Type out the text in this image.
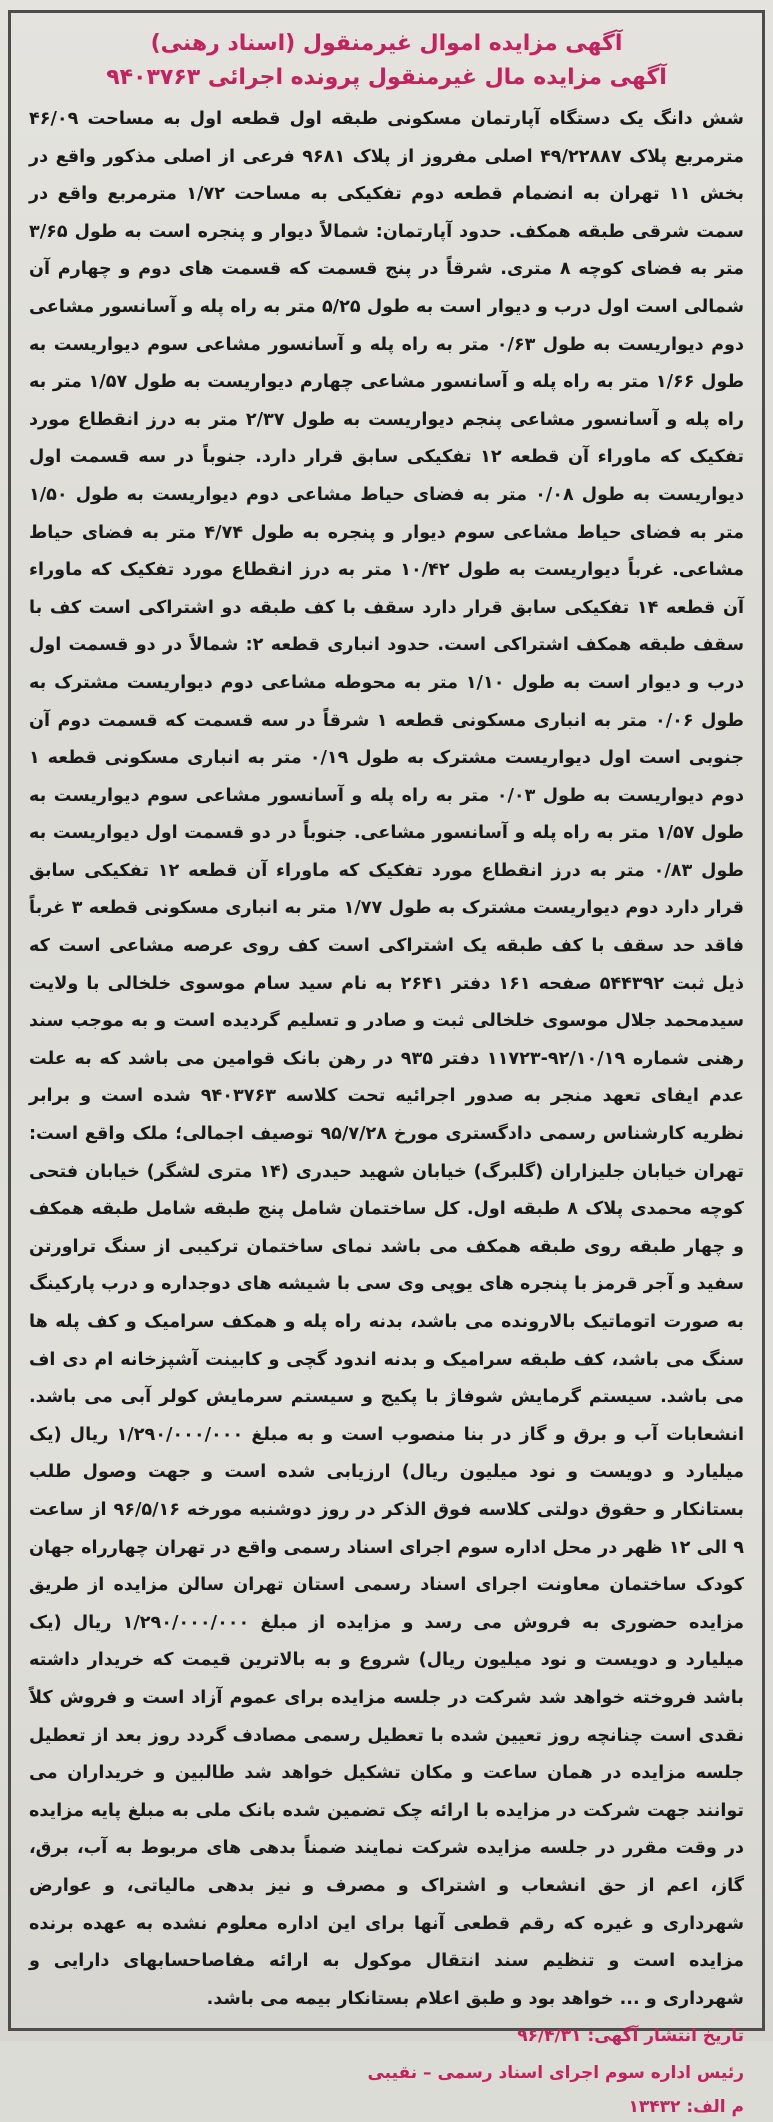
آگهی مزایده اموال غیرمنقول (اسناد رهنی)

آگهی مزایده مال غیرمنقول پرونده اجرائی ۹۴۰۳۷۶۳

شش دانگ یک دستگاه آپارتمان مسکونی طبقه اول قطعه اول به مساحت ۴۶/۰۹ مترمربع پلاک ۴۹/۲۲۸۸۷ اصلی مفروز از پلاک ۹۶۸۱ فرعی از اصلی مذکور واقع در بخش ۱۱ تهران به انضمام قطعه دوم تفکیکی به مساحت ۱/۷۲ مترمربع واقع در سمت شرقی طبقه همکف. حدود آپارتمان: شمالاً دیوار و پنجره است به طول ۳/۶۵ متر به فضای کوچه ۸ متری. شرقاً در پنج قسمت که قسمت های دوم و چهارم آن شمالی است اول درب و دیوار است به طول ۵/۲۵ متر به راه پله و آسانسور مشاعی دوم دیواریست به طول ۰/۶۳ متر به راه پله و آسانسور مشاعی سوم دیواریست به طول ۱/۶۶ متر به راه پله و آسانسور مشاعی چهارم دیواریست به طول ۱/۵۷ متر به راه پله و آسانسور مشاعی پنجم دیواریست به طول ۲/۳۷ متر به درز انقطاع مورد تفکیک که ماوراء آن قطعه ۱۲ تفکیکی سابق قرار دارد. جنوباً در سه قسمت اول دیواریست به طول ۰/۰۸ متر به فضای حیاط مشاعی دوم دیواریست به طول ۱/۵۰ متر به فضای حیاط مشاعی سوم دیوار و پنجره به طول ۴/۷۴ متر به فضای حیاط مشاعی. غرباً دیواریست به طول ۱۰/۴۲ متر به درز انقطاع مورد تفکیک که ماوراء آن قطعه ۱۴ تفکیکی سابق قرار دارد سقف با کف طبقه دو اشتراکی است کف با سقف طبقه همکف اشتراکی است. حدود انباری قطعه ۲: شمالاً در دو قسمت اول درب و دیوار است به طول ۱/۱۰ متر به محوطه مشاعی دوم دیواریست مشترک به طول ۰/۰۶ متر به انباری مسکونی قطعه ۱ شرقاً در سه قسمت که قسمت دوم آن جنوبی است اول دیواریست مشترک به طول ۰/۱۹ متر به انباری مسکونی قطعه ۱ دوم دیواریست به طول ۰/۰۳ متر به راه پله و آسانسور مشاعی سوم دیواریست به طول ۱/۵۷ متر به راه پله و آسانسور مشاعی. جنوباً در دو قسمت اول دیواریست به طول ۰/۸۳ متر به درز انقطاع مورد تفکیک که ماوراء آن قطعه ۱۲ تفکیکی سابق قرار دارد دوم دیواریست مشترک به طول ۱/۷۷ متر به انباری مسکونی قطعه ۳ غرباً فاقد حد سقف با کف طبقه یک اشتراکی است کف روی عرصه مشاعی است که ذیل ثبت ۵۴۴۳۹۲ صفحه ۱۶۱ دفتر ۲۶۴۱ به نام سید سام موسوی خلخالی با ولایت سیدمحمد جلال موسوی خلخالی ثبت و صادر و تسلیم گردیده است و به موجب سند رهنی شماره ۹۲/۱۰/۱۹-۱۱۷۲۳ دفتر ۹۳۵ در رهن بانک قوامین می باشد که به علت عدم ایفای تعهد منجر به صدور اجرائیه تحت کلاسه ۹۴۰۳۷۶۳ شده است و برابر نظریه کارشناس رسمی دادگستری مورخ ۹۵/۷/۲۸ توصیف اجمالی؛ ملک واقع است: تهران خیابان جلیزاران (گلبرگ) خیابان شهید حیدری (۱۴ متری لشگر) خیابان فتحی کوچه محمدی پلاک ۸ طبقه اول. کل ساختمان شامل پنج طبقه شامل طبقه همکف و چهار طبقه روی طبقه همکف می باشد نمای ساختمان ترکیبی از سنگ تراورتن سفید و آجر قرمز با پنجره های یوپی وی سی با شیشه های دوجداره و درب پارکینگ به صورت اتوماتیک بالارونده می باشد، بدنه راه پله و همکف سرامیک و کف پله ها سنگ می باشد، کف طبقه سرامیک و بدنه اندود گچی و کابینت آشپزخانه ام دی اف می باشد. سیستم گرمایش شوفاژ با پکیج و سیستم سرمایش کولر آبی می باشد. انشعابات آب و برق و گاز در بنا منصوب است و به مبلغ ۱/۲۹۰/۰۰۰/۰۰۰ ریال (یک میلیارد و دویست و نود میلیون ریال) ارزیابی شده است و جهت وصول طلب بستانکار و حقوق دولتی کلاسه فوق الذکر در روز دوشنبه مورخه ۹۶/۵/۱۶ از ساعت ۹ الی ۱۲ ظهر در محل اداره سوم اجرای اسناد رسمی واقع در تهران چهارراه جهان کودک ساختمان معاونت اجرای اسناد رسمی استان تهران سالن مزایده از طریق مزایده حضوری به فروش می رسد و مزایده از مبلغ ۱/۲۹۰/۰۰۰/۰۰۰ ریال (یک میلیارد و دویست و نود میلیون ریال) شروع و به بالاترین قیمت که خریدار داشته باشد فروخته خواهد شد شرکت در جلسه مزایده برای عموم آزاد است و فروش کلاً نقدی است چنانچه روز تعیین شده با تعطیل رسمی مصادف گردد روز بعد از تعطیل جلسه مزایده در همان ساعت و مکان تشکیل خواهد شد طالبین و خریداران می توانند جهت شرکت در مزایده با ارائه چک تضمین شده بانک ملی به مبلغ پایه مزایده در وقت مقرر در جلسه مزایده شرکت نمایند ضمناً بدهی های مربوط به آب، برق، گاز، اعم از حق انشعاب و اشتراک و مصرف و نیز بدهی مالیاتی، و عوارض شهرداری و غیره که رقم قطعی آنها برای این اداره معلوم نشده به عهده برنده مزایده است و تنظیم سند انتقال موکول به ارائه مفاصاحسابهای دارایی و شهرداری و ... خواهد بود و طبق اعلام بستانکار بیمه می باشد.

تاریخ انتشار آگهی: ۹۶/۴/۳۱

رئیس اداره سوم اجرای اسناد رسمی – نقیبی

م الف: ۱۳۴۳۲
